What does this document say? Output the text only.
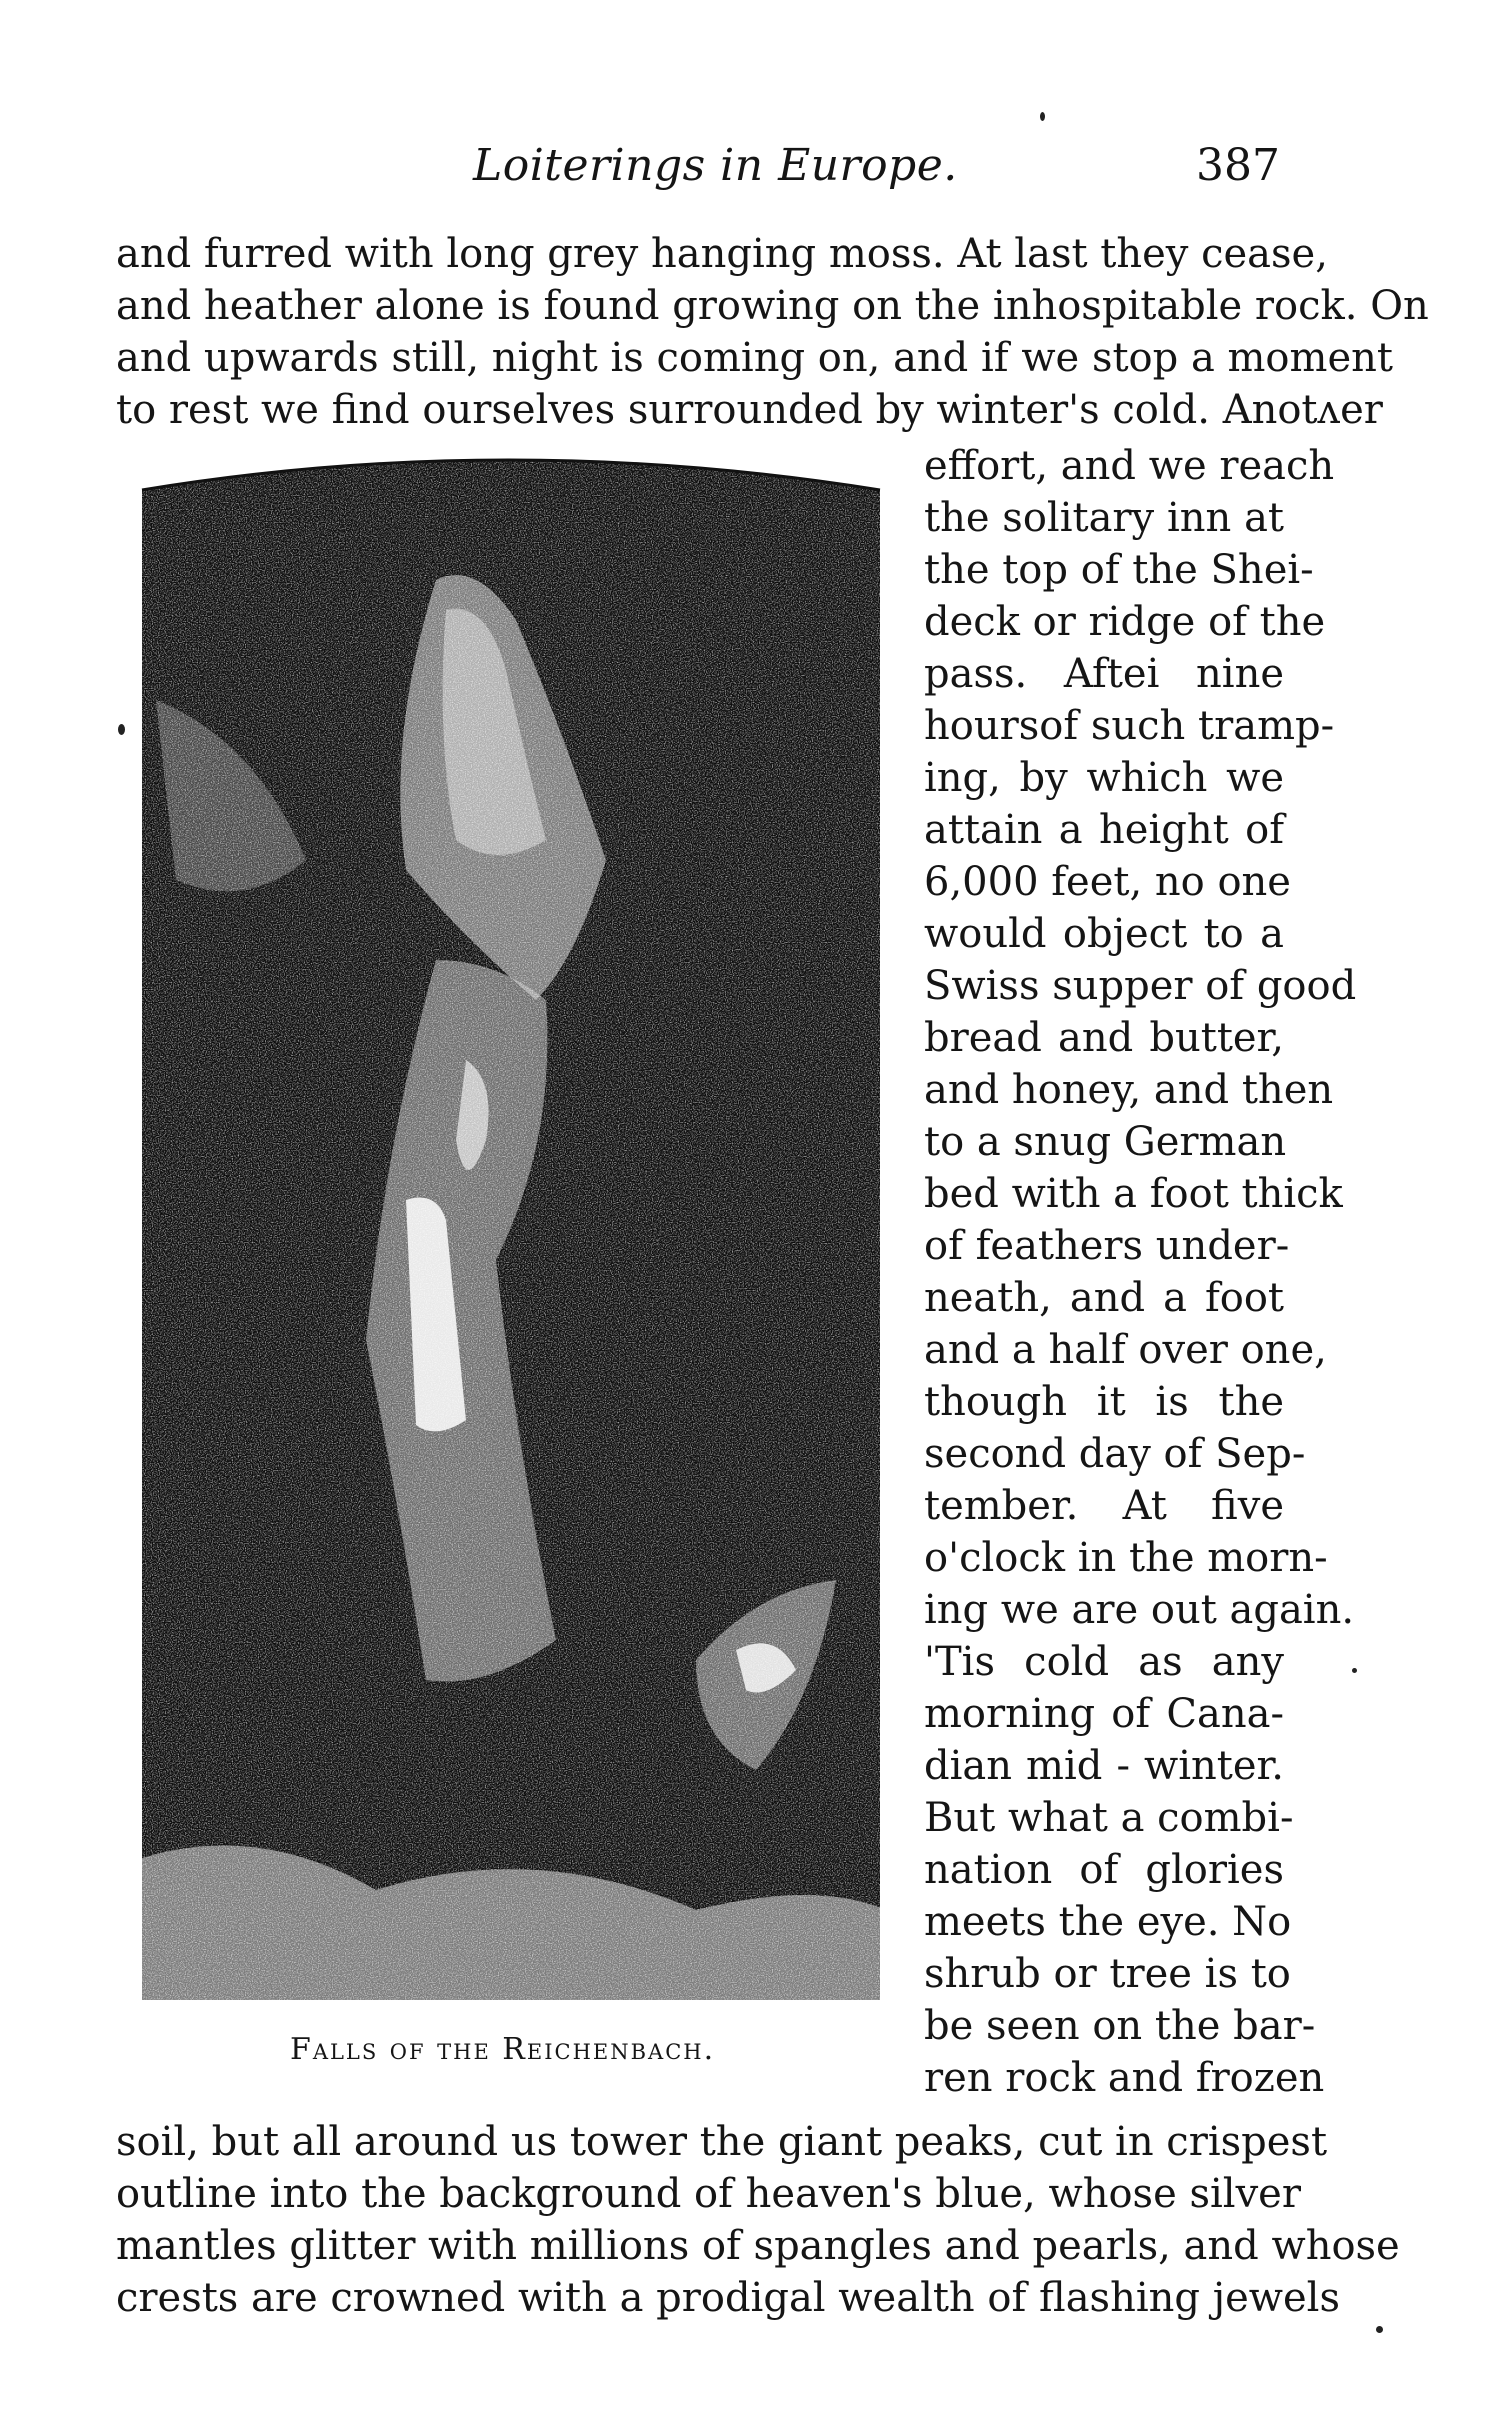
Loiterings in Europe.	387
and furred with long grey hanging moss. At last they cease,
and heather alone is found growing on the inhospitable rock. On
and upwards still, night is coming on, and if we stop a moment
to rest we find ourselves surrounded by winter's cold. Anotʌer
Falls of the Reichenbach.
effort, and we reach
the solitary inn at
the top of the Shei-
deck or ridge of the
pass. Aftei nine
hoursof such tramp-
ing, by which we
attain a height of
6,000 feet, no one
would object to a
Swiss supper of good
bread and butter,
and honey, and then
to a snug German
bed with a foot thick
of feathers under-
neath, and a foot
and a half over one,
though it is the
second day of Sep-
tember. At five
o'clock in the morn-
ing we are out again.
'Tis cold as any
morning of Cana-
dian mid - winter.
But what a combi-
nation of glories
meets the eye. No
shrub or tree is to
be seen on the bar-
ren rock and frozen
soil, but all around us tower the giant peaks, cut in crispest
outline into the background of heaven's blue, whose silver
mantles glitter with millions of spangles and pearls, and whose
crests are crowned with a prodigal wealth of flashing jewels
